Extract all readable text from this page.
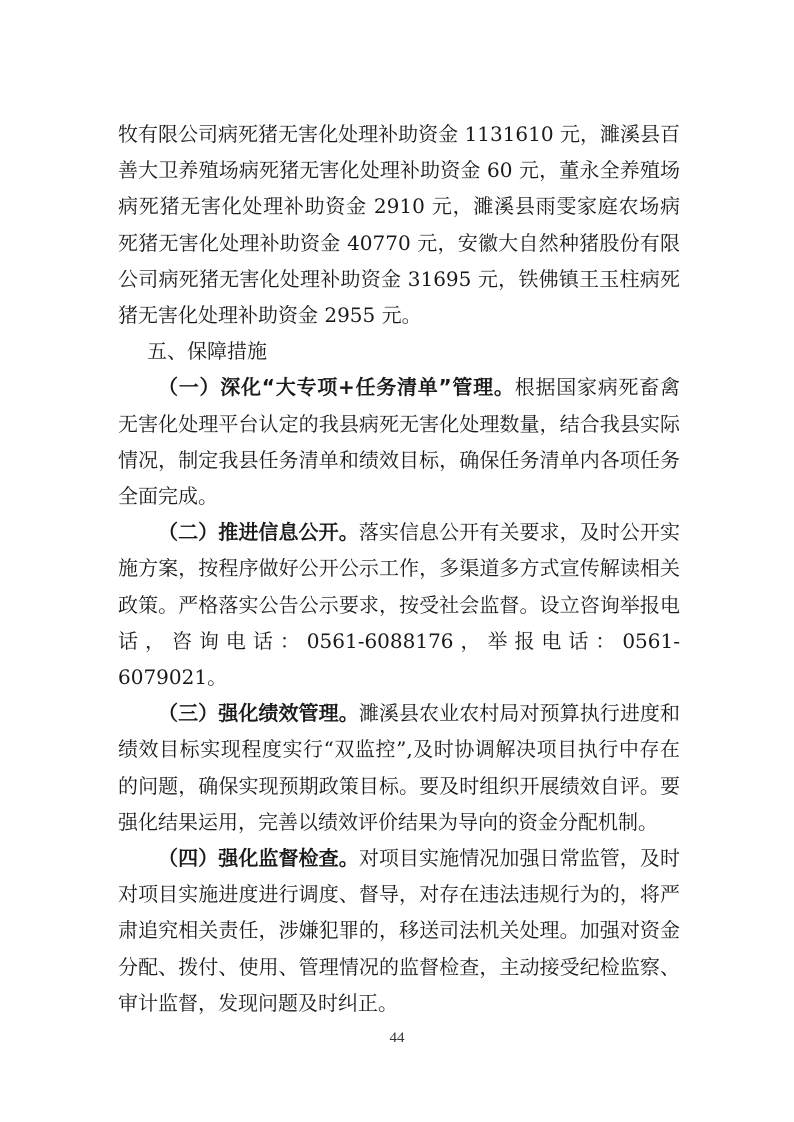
牧有限公司病死猪无害化处理补助资金 1131610 元，濉溪县百善大卫养殖场病死猪无害化处理补助资金 60 元，董永全养殖场病死猪无害化处理补助资金 2910 元，濉溪县雨雯家庭农场病死猪无害化处理补助资金 40770 元，安徽大自然种猪股份有限公司病死猪无害化处理补助资金 31695 元，铁佛镇王玉柱病死猪无害化处理补助资金 2955 元。

五、保障措施

（一）深化“大专项+任务清单”管理。根据国家病死畜禽无害化处理平台认定的我县病死无害化处理数量，结合我县实际情况，制定我县任务清单和绩效目标，确保任务清单内各项任务全面完成。

（二）推进信息公开。落实信息公开有关要求，及时公开实施方案，按程序做好公开公示工作，多渠道多方式宣传解读相关政策。严格落实公告公示要求，按受社会监督。设立咨询举报电话，咨询电话：0561-6088176，举报电话：0561-6079021。

（三）强化绩效管理。濉溪县农业农村局对预算执行进度和绩效目标实现程度实行“双监控”,及时协调解决项目执行中存在的问题，确保实现预期政策目标。要及时组织开展绩效自评。要强化结果运用，完善以绩效评价结果为导向的资金分配机制。

（四）强化监督检查。对项目实施情况加强日常监管，及时对项目实施进度进行调度、督导，对存在违法违规行为的，将严肃追究相关责任，涉嫌犯罪的，移送司法机关处理。加强对资金分配、拨付、使用、管理情况的监督检查，主动接受纪检监察、审计监督，发现问题及时纠正。

44
